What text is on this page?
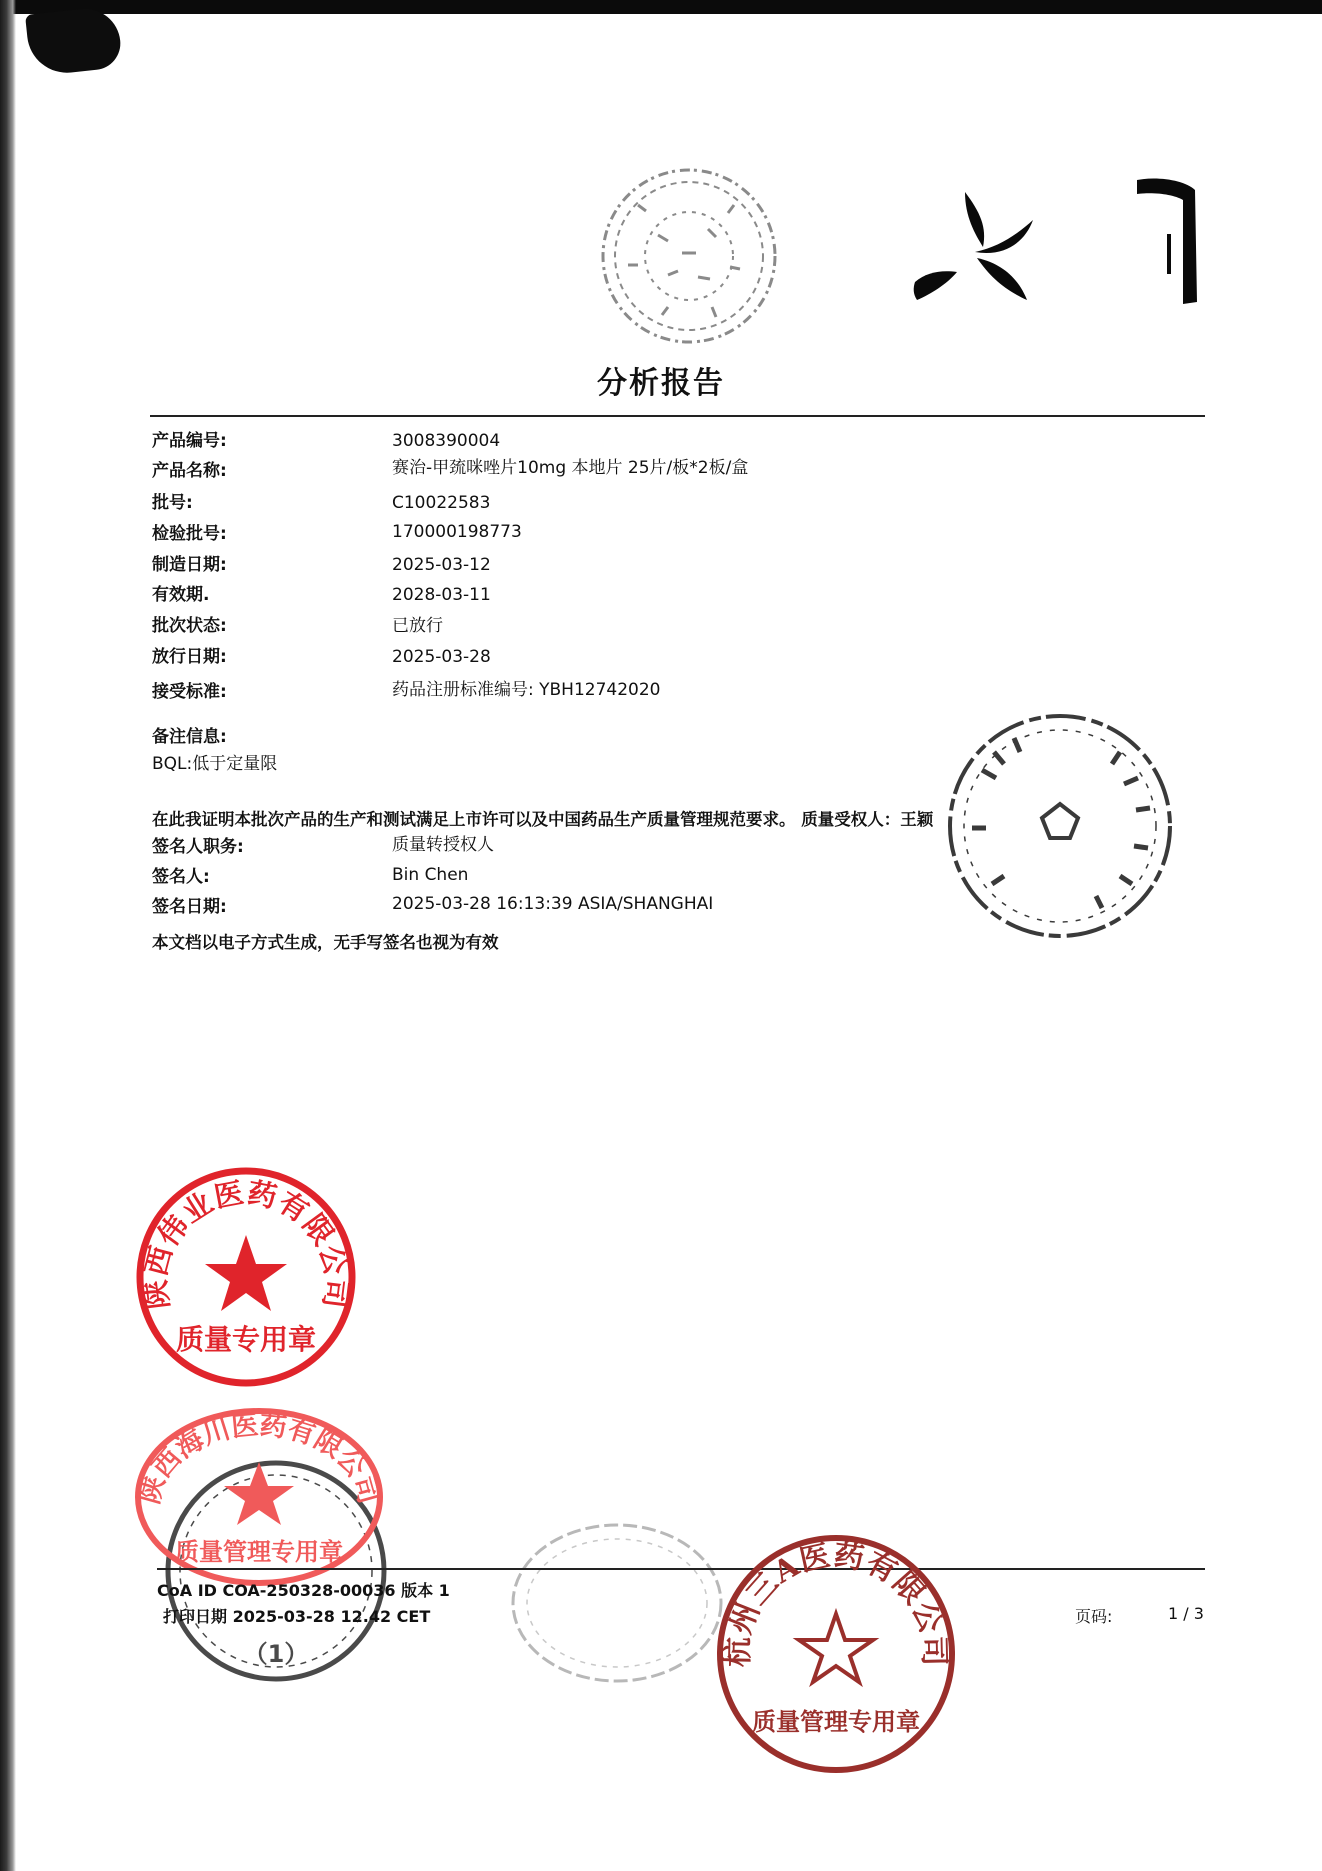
分析报告
产品编号:	3008390004
产品名称:	赛治-甲巯咪唑片10mg 本地片 25片/板*2板/盒
批号:	C10022583
检验批号:	170000198773
制造日期:	2025-03-12
有效期.	2028-03-11
批次状态:	已放行
放行日期:	2025-03-28
接受标准:	药品注册标准编号: YBH12742020
备注信息:
BQL:低于定量限
在此我证明本批次产品的生产和测试满足上市许可以及中国药品生产质量管理规范要求。 质量受权人：王颖
签名人职务:	质量转授权人
签名人:	Bin Chen
签名日期:	2025-03-28 16:13:39 ASIA/SHANGHAI
本文档以电子方式生成，无手写签名也视为有效
陕西伟业医药有限公司
质量专用章
（1）
陕西海川医药有限公司
质量管理专用章
CoA ID COA-250328-00036 版本 1
打印日期 2025-03-28 12.42 CET	页码:	1 / 3
杭州三A医药有限公司
质量管理专用章
